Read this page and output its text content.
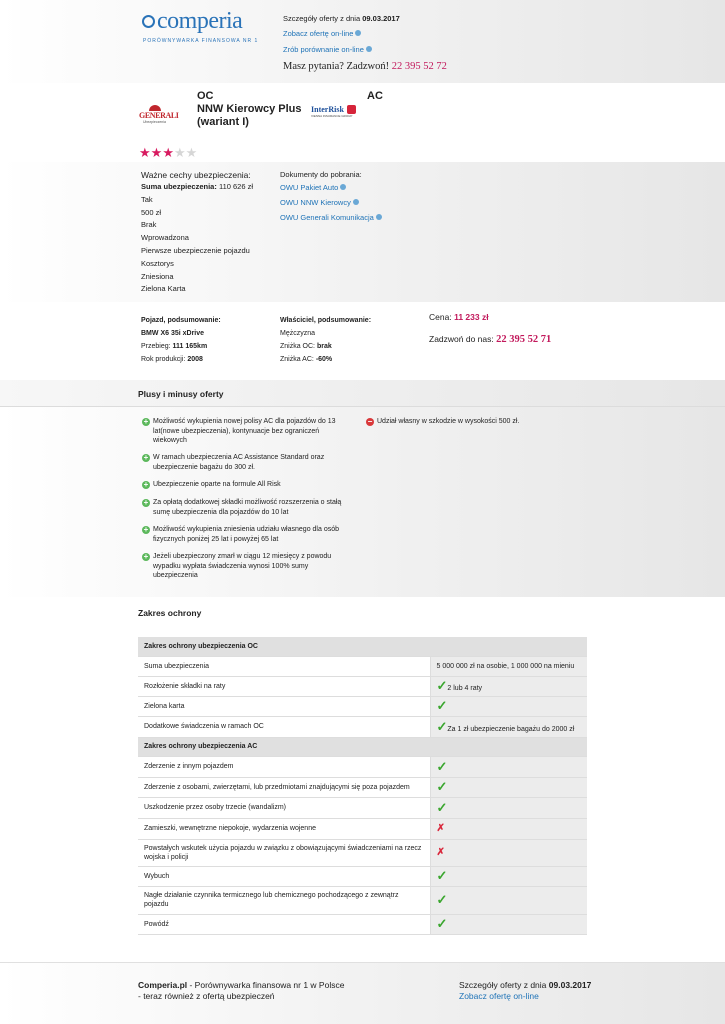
comperia
PORÓWNYWARKA FINANSOWA NR 1
Szczegóły oferty z dnia 09.03.2017
Zobacz ofertę on-line
Zrób porównanie on-line
Masz pytania? Zadzwoń! 22 395 52 72
GENERALI
Ubezpieczenia
OC
NNW Kierowcy Plus
(wariant I)
AC
InterRisk
VIENNA INSURANCE GROUP
★★★★★
Ważne cechy ubezpieczenia:
Suma ubezpieczenia: 110 626 zł
Tak
500 zł
Brak
Wprowadzona
Pierwsze ubezpieczenie pojazdu
Kosztorys
Zniesiona
Zielona Karta
Dokumenty do pobrania:
OWU Pakiet Auto
OWU NNW Kierowcy
OWU Generali Komunikacja
Pojazd, podsumowanie:
BMW X6 35i xDrive
Przebieg: 111 165km
Rok produkcji: 2008
Właściciel, podsumowanie:
Mężczyzna
Zniżka OC: brak
Zniżka AC: -60%
Cena: 11 233 zł
Zadzwoń do nas: 22 395 52 71
Plusy i minusy oferty
+ Możliwość wykupienia nowej polisy AC dla pojazdów do 13
lat(nowe ubezpieczenia), kontynuacje bez ograniczeń
wiekowych
+ W ramach ubezpieczenia AC Assistance Standard oraz
ubezpieczenie bagażu do 300 zł.
+ Ubezpieczenie oparte na formule All Risk
+ Za opłatą dodatkowej składki możliwość rozszerzenia o stałą
sumę ubezpieczenia dla pojazdów do 10 lat
+ Możliwość wykupienia zniesienia udziału własnego dla osób
fizycznych poniżej 25 lat i powyżej 65 lat
+ Jeżeli ubezpieczony zmarł w ciągu 12 miesięcy z powodu
wypadku wypłata świadczenia wynosi 100% sumy
ubezpieczenia
− Udział własny w szkodzie w wysokości 500 zł.
Zakres ochrony
Zakres ochrony ubezpieczenia OC	
Suma ubezpieczenia	5 000 000 zł na osobie, 1 000 000 na mieniu
Rozłożenie składki na raty	✓2 lub 4 raty
Zielona karta	✓
Dodatkowe świadczenia w ramach OC	✓Za 1 zł ubezpieczenie bagażu do 2000 zł
Zakres ochrony ubezpieczenia AC	
Zderzenie z innym pojazdem	✓
Zderzenie z osobami, zwierzętami, lub przedmiotami znajdującymi się poza pojazdem	✓
Uszkodzenie przez osoby trzecie (wandalizm)	✓
Zamieszki, wewnętrzne niepokoje, wydarzenia wojenne	✗
Powstałych wskutek użycia pojazdu w związku z obowiązującymi świadczeniami na rzecz wojska i policji	✗
Wybuch	✓
Nagłe działanie czynnika termicznego lub chemicznego pochodzącego z zewnątrz pojazdu	✓
Powódź	✓
Comperia.pl - Porównywarka finansowa nr 1 w Polsce
- teraz również z ofertą ubezpieczeń
Szczegóły oferty z dnia 09.03.2017
Zobacz ofertę on-line
